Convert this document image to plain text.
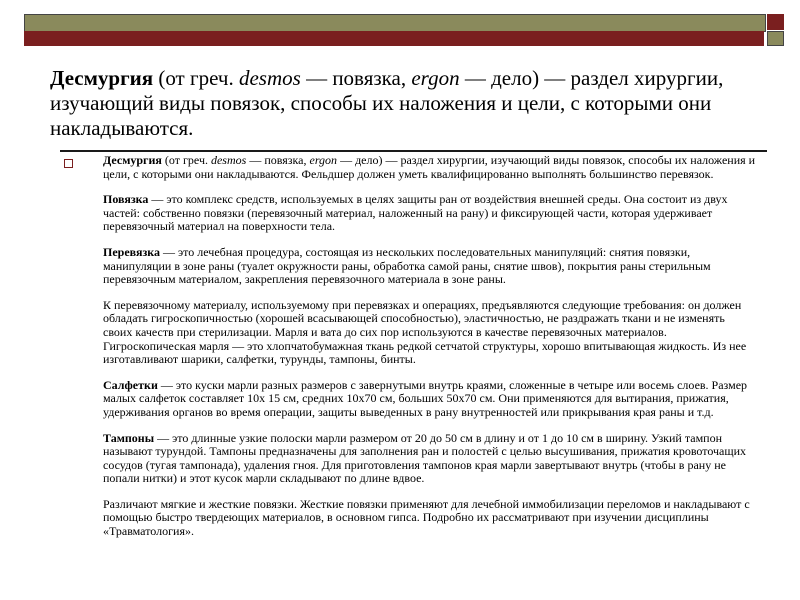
Десмургия (от греч. desmos — повязка, ergon — дело) — раздел хирургии, изучающий виды повязок, способы их наложения и цели, с которыми они накладываются.

Десмургия (от греч. desmos — повязка, ergon — дело) — раздел хирургии, изучающий виды повязок, способы их наложения и цели, с которыми они накладываются. Фельдшер должен уметь квалифицированно выполнять большинство перевязок.

Повязка — это комплекс средств, используемых в целях защиты ран от воздействия внешней среды. Она состоит из двух частей: собственно повязки (перевязочный материал, наложенный на рану) и фиксирующей части, которая удерживает перевязочный материал на поверхности тела.

Перевязка — это лечебная процедура, состоящая из нескольких последовательных манипуляций: снятия повязки, манипуляции в зоне раны (туалет окружности раны, обработка самой раны, снятие швов), покрытия раны стерильным перевязочным материалом, закрепления перевязочного материала в зоне раны.

К перевязочному материалу, используемому при перевязках и операциях, предъявляются следующие требования: он должен обладать гигроскопичностью (хорошей всасывающей способностью), эластичностью, не раздражать ткани и не изменять своих качеств при стерилизации. Марля и вата до сих пор используются в качестве перевязочных материалов. Гигроскопическая марля — это хлопчатобумажная ткань редкой сетчатой структуры, хорошо впитывающая жидкость. Из нее изготавливают шарики, салфетки, турунды, тампоны, бинты.

Салфетки — это куски марли разных размеров с завернутыми внутрь краями, сложенные в четыре или восемь слоев. Размер малых салфеток составляет 10х 15 см, средних 10х70 см, больших 50х70 см. Они применяются для вытирания, прижатия, удерживания органов во время операции, защиты выведенных в рану внутренностей или прикрывания края раны и т.д.

Тампоны — это длинные узкие полоски марли размером от 20 до 50 см в длину и от 1 до 10 см в ширину. Узкий тампон называют турундой. Тампоны предназначены для заполнения ран и полостей с целью высушивания, прижатия кровоточащих сосудов (тугая тампонада), удаления гноя. Для приготовления тампонов края марли завертывают внутрь (чтобы в рану не попали нитки) и этот кусок марли складывают по длине вдвое.

Различают мягкие и жесткие повязки. Жесткие повязки применяют для лечебной иммобилизации переломов и накладывают с помощью быстро твердеющих материалов, в основном гипса. Подробно их рассматривают при изучении дисциплины «Травматология».
